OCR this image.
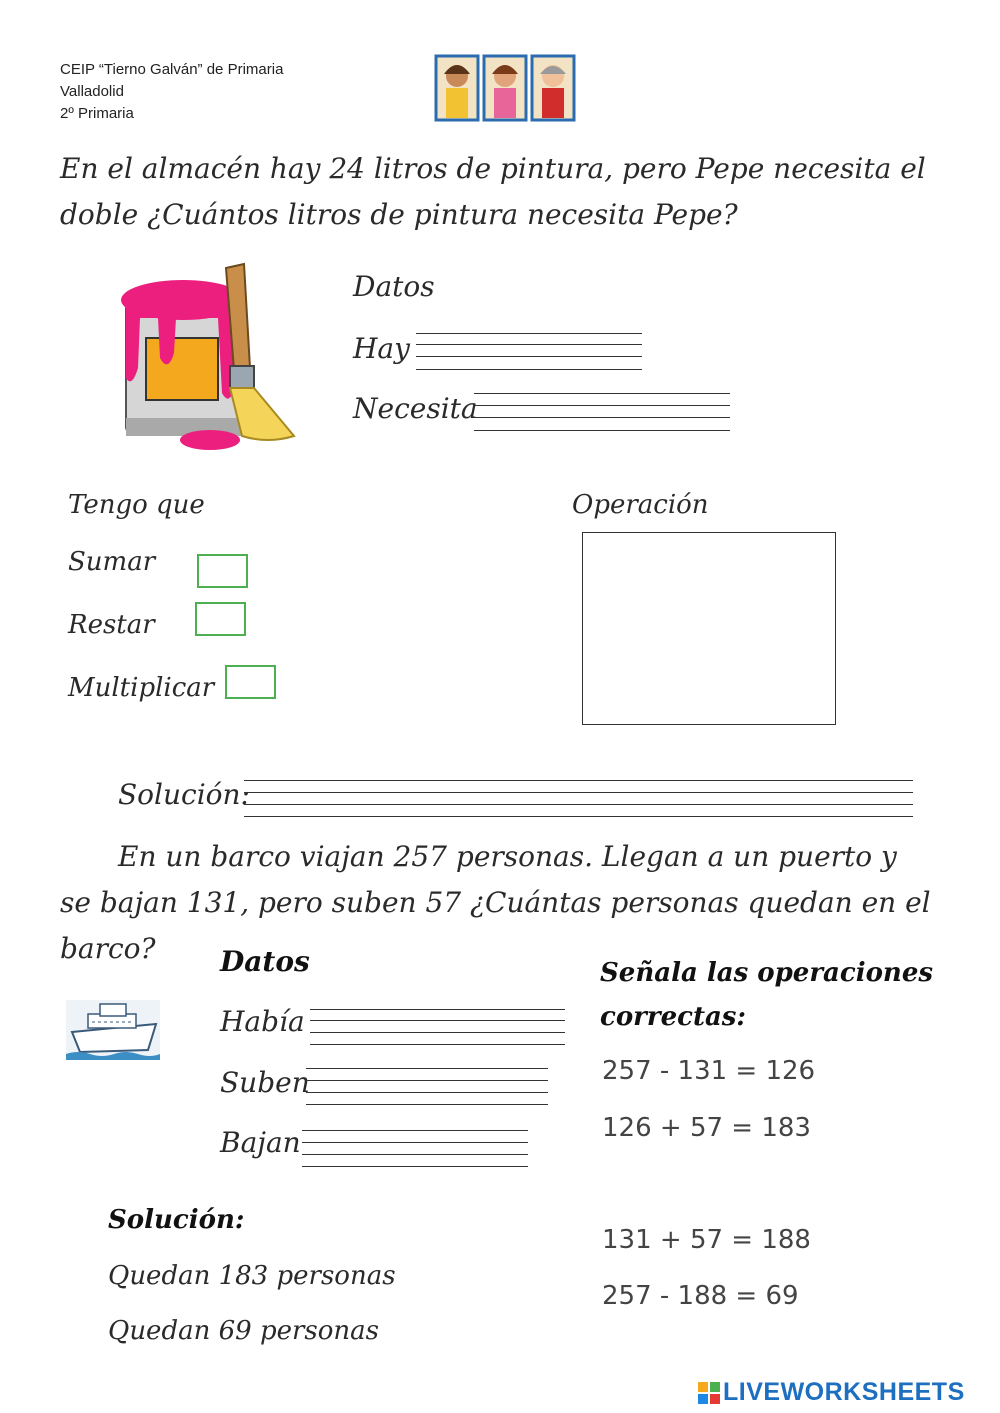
CEIP “Tierno Galván” de Primaria
Valladolid
2º Primaria
En el almacén hay 24 litros de pintura, pero Pepe necesita el
doble ¿Cuántos litros de pintura necesita Pepe?
Datos
Hay
Necesita
Tengo que
Sumar
Restar
Multiplicar
Operación
Solución:
En un barco viajan 257 personas. Llegan a un puerto y
se bajan 131, pero suben 57 ¿Cuántas personas quedan en el
barco? Datos
Había
Suben
Bajan
Señala las operaciones
correctas:
257 - 131 = 126
126 + 57 = 183
131 + 57 = 188
257 - 188 = 69
Solución:
Quedan 183 personas
Quedan 69 personas
LIVEWORKSHEETS
